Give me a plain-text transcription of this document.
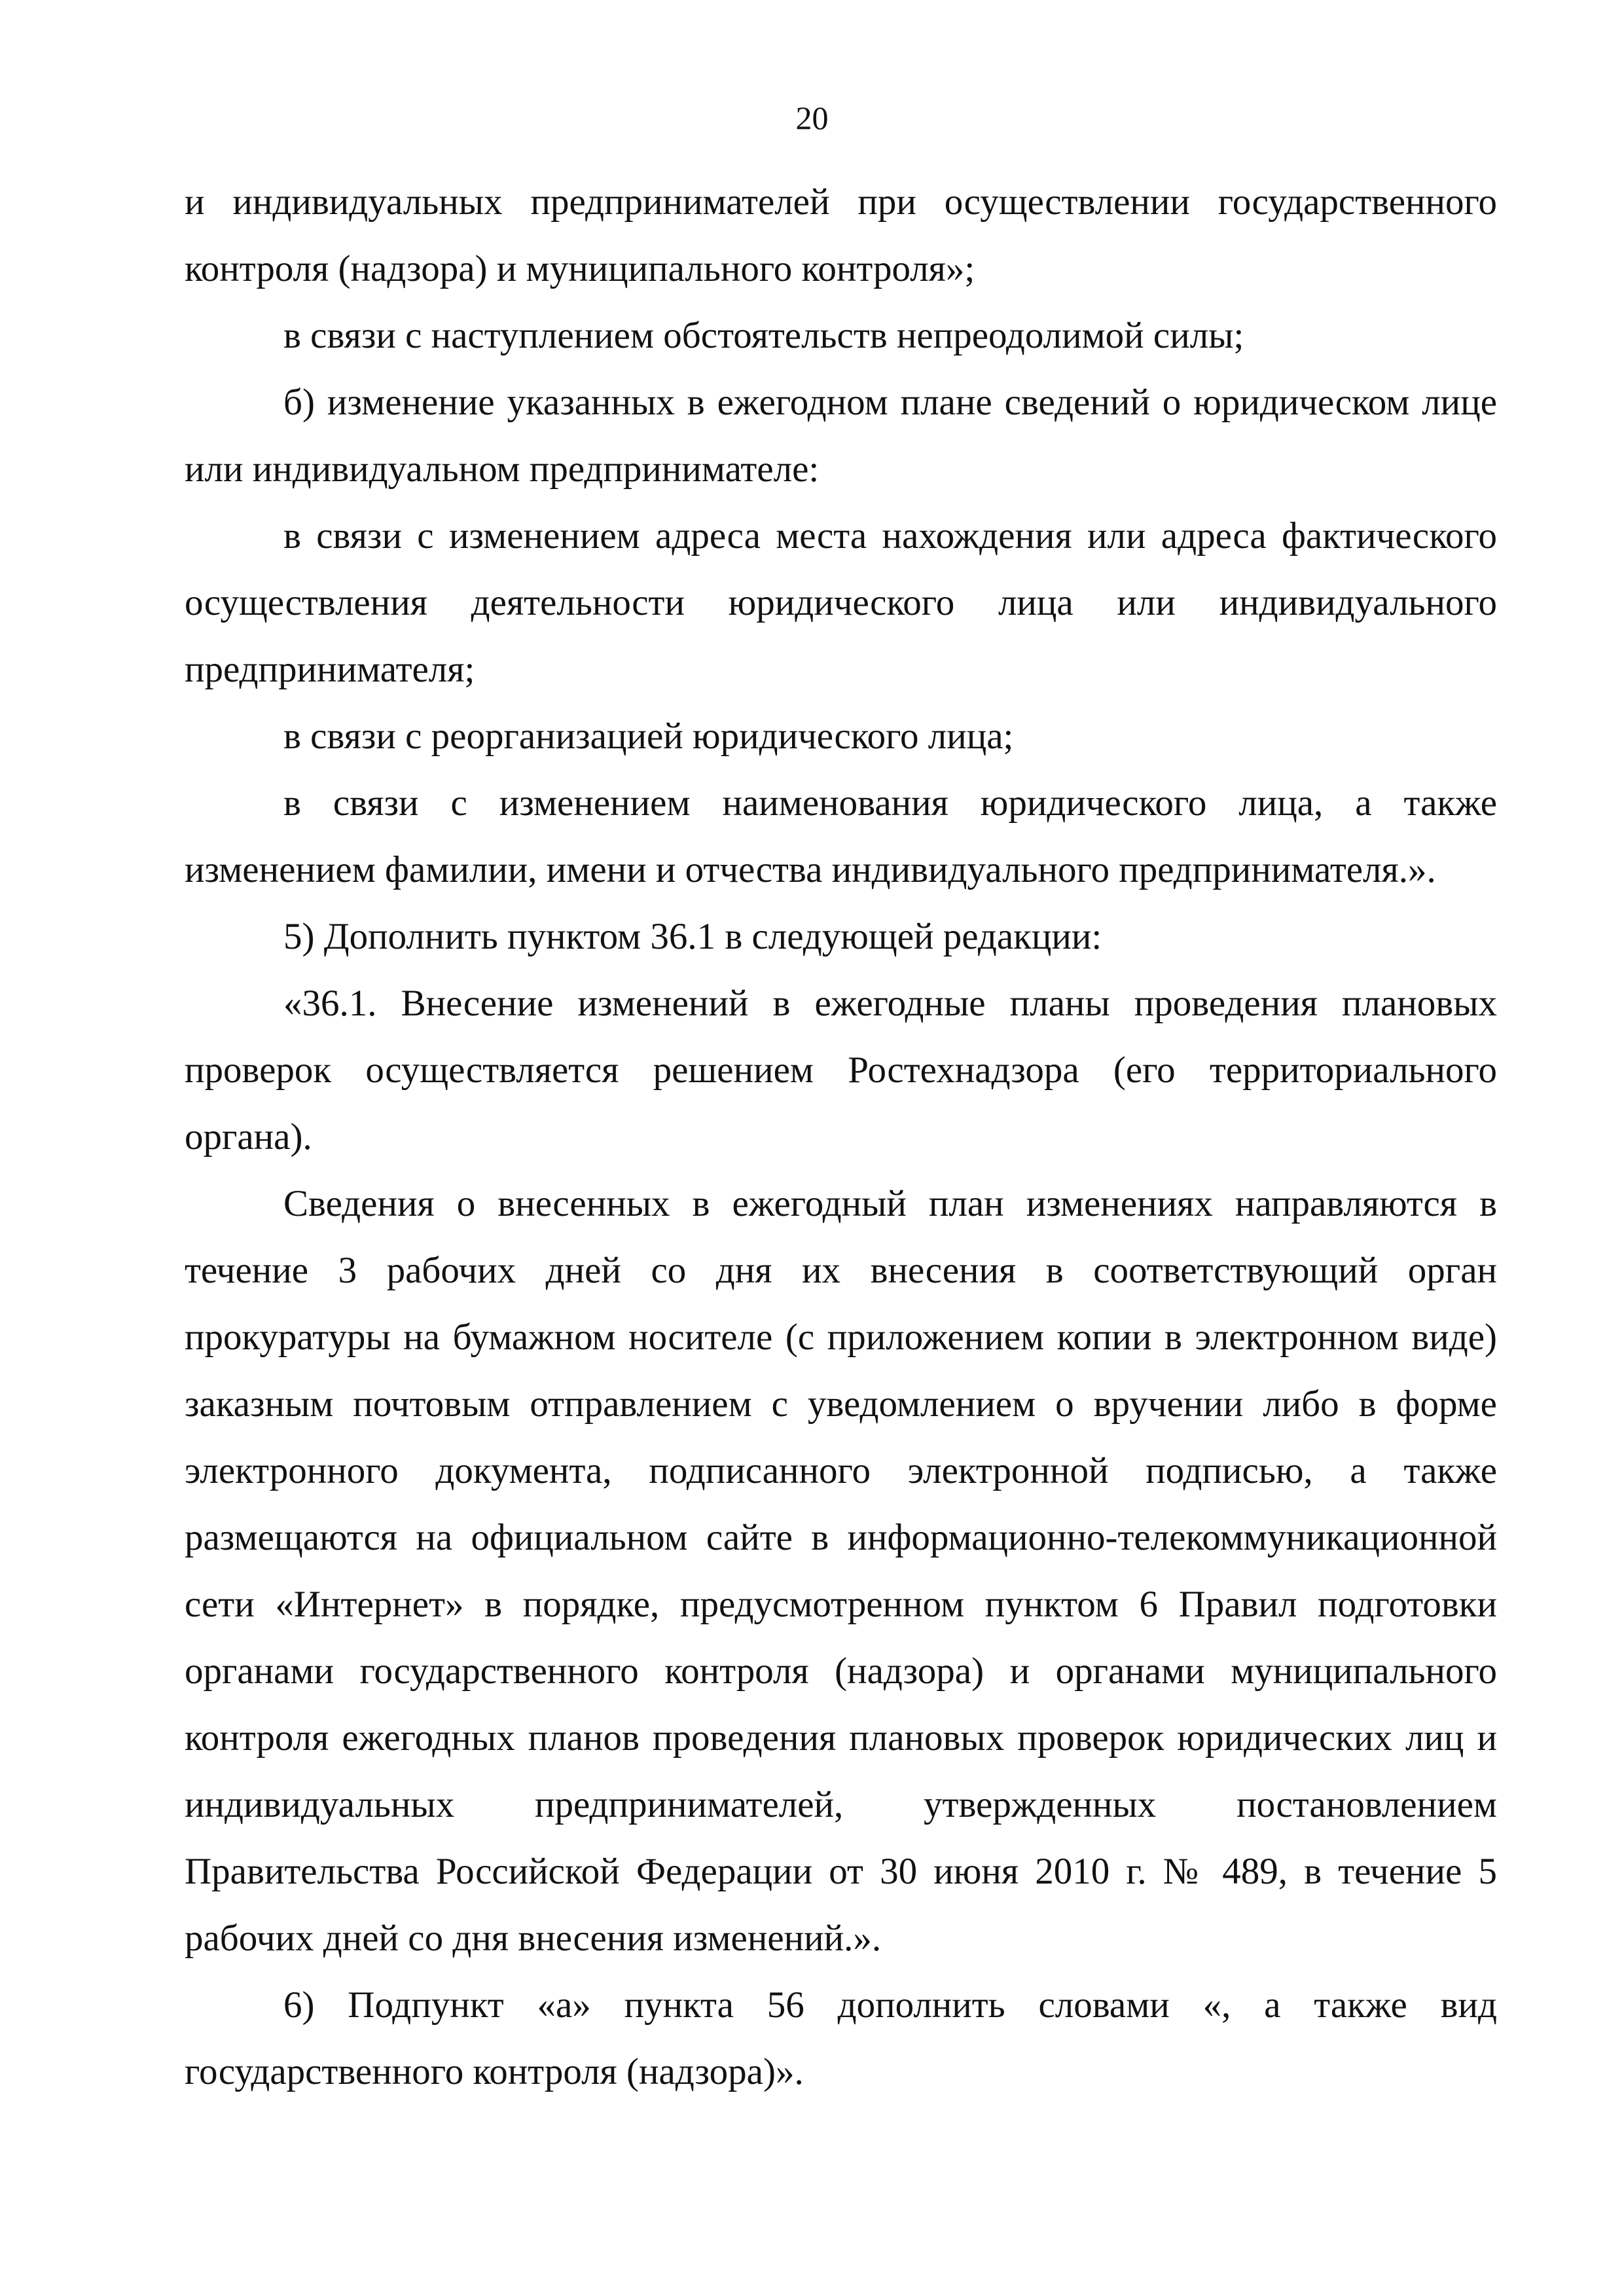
20

и индивидуальных предпринимателей при осуществлении государственного контроля (надзора) и муниципального контроля»;

в связи с наступлением обстоятельств непреодолимой силы;

б) изменение указанных в ежегодном плане сведений о юридическом лице или индивидуальном предпринимателе:

в связи с изменением адреса места нахождения или адреса фактического осуществления деятельности юридического лица или индивидуального предпринимателя;

в связи с реорганизацией юридического лица;

в связи с изменением наименования юридического лица, а также изменением фамилии, имени и отчества индивидуального предпринимателя.».

5) Дополнить пунктом 36.1 в следующей редакции:

«36.1. Внесение изменений в ежегодные планы проведения плановых проверок осуществляется решением Ростехнадзора (его территориального органа).

Сведения о внесенных в ежегодный план изменениях направляются в течение 3 рабочих дней со дня их внесения в соответствующий орган прокуратуры на бумажном носителе (с приложением копии в электронном виде) заказным почтовым отправлением с уведомлением о вручении либо в форме электронного документа, подписанного электронной подписью, а также размещаются на официальном сайте в информационно-телекоммуникационной сети «Интернет» в порядке, предусмотренном пунктом 6 Правил подготовки органами государственного контроля (надзора) и органами муниципального контроля ежегодных планов проведения плановых проверок юридических лиц и индивидуальных предпринимателей, утвержденных постановлением Правительства Российской Федерации от 30 июня 2010 г. № 489, в течение 5 рабочих дней со дня внесения изменений.».

6) Подпункт «а» пункта 56 дополнить словами «, а также вид государственного контроля (надзора)».
